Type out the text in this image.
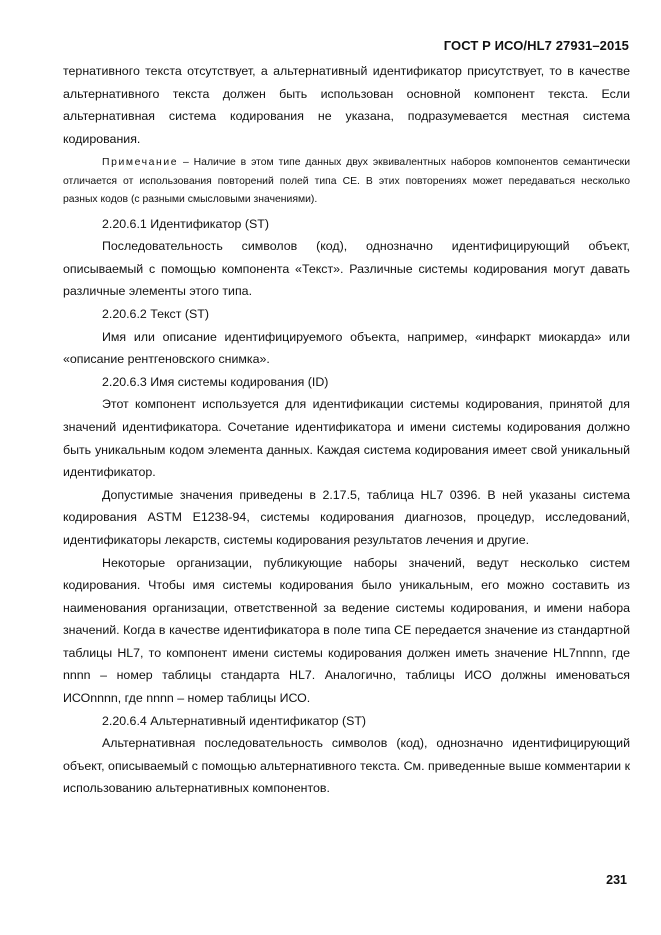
ГОСТ Р ИСО/HL7 27931–2015

тернативного текста отсутствует, а альтернативный идентификатор присутствует, то в качестве альтернативного текста должен быть использован основной компонент текста. Если альтернативная система кодирования не указана, подразумевается местная система кодирования.

Примечание – Наличие в этом типе данных двух эквивалентных наборов компонентов семантически отличается от использования повторений полей типа CE. В этих повторениях может передаваться несколько разных кодов (с разными смысловыми значениями).

2.20.6.1 Идентификатор (ST)

Последовательность символов (код), однозначно идентифицирующий объект, описываемый с помощью компонента «Текст». Различные системы кодирования могут давать различные элементы этого типа.

2.20.6.2 Текст (ST)

Имя или описание идентифицируемого объекта, например, «инфаркт миокарда» или «описание рентгеновского снимка».

2.20.6.3 Имя системы кодирования (ID)

Этот компонент используется для идентификации системы кодирования, принятой для значений идентификатора. Сочетание идентификатора и имени системы кодирования должно быть уникальным кодом элемента данных. Каждая система кодирования имеет свой уникальный идентификатор.

Допустимые значения приведены в 2.17.5, таблица HL7 0396. В ней указаны система кодирования ASTM E1238-94, системы кодирования диагнозов, процедур, исследований, идентификаторы лекарств, системы кодирования результатов лечения и другие.

Некоторые организации, публикующие наборы значений, ведут несколько систем кодирования. Чтобы имя системы кодирования было уникальным, его можно составить из наименования организации, ответственной за ведение системы кодирования, и имени набора значений. Когда в качестве идентификатора в поле типа CE передается значение из стандартной таблицы HL7, то компонент имени системы кодирования должен иметь значение HL7nnnn, где nnnn – номер таблицы стандарта HL7. Аналогично, таблицы ИСО должны именоваться ИСОnnnn, где nnnn – номер таблицы ИСО.

2.20.6.4 Альтернативный идентификатор (ST)

Альтернативная последовательность символов (код), однозначно идентифицирующий объект, описываемый с помощью альтернативного текста. См. приведенные выше комментарии к использованию альтернативных компонентов.

231
